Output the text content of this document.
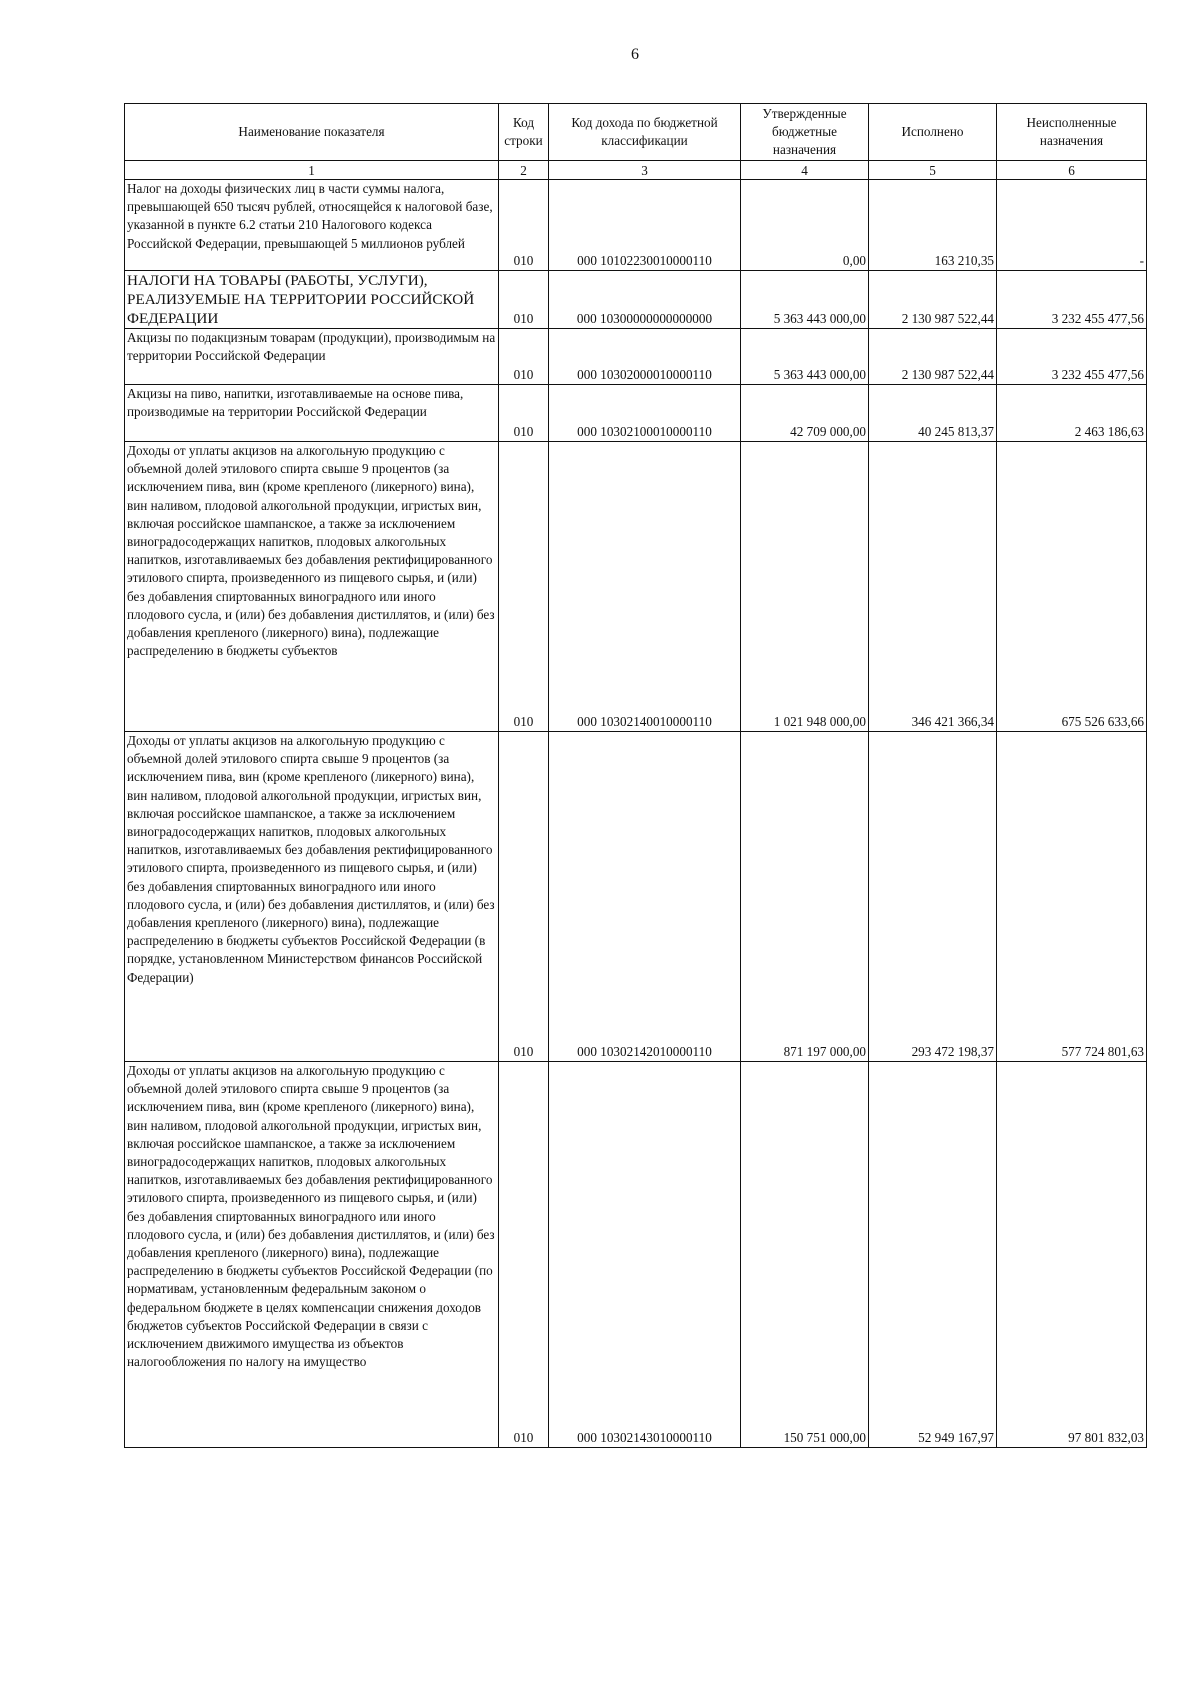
6
Наименование показателя	Код строки	Код дохода по бюджетной классификации	Утвержденные бюджетные назначения	Исполнено	Неисполненные назначения
1	2	3	4	5	6
Налог на доходы физических лиц в части суммы налога, превышающей 650 тысяч рублей, относящейся к налоговой базе, указанной в пункте 6.2 статьи 210 Налогового кодекса Российской Федерации, превышающей 5 миллионов рублей	010	000 10102230010000110	0,00	163 210,35	-
НАЛОГИ НА ТОВАРЫ (РАБОТЫ, УСЛУГИ), РЕАЛИЗУЕМЫЕ НА ТЕРРИТОРИИ РОССИЙСКОЙ ФЕДЕРАЦИИ	010	000 10300000000000000	5 363 443 000,00	2 130 987 522,44	3 232 455 477,56
Акцизы по подакцизным товарам (продукции), производимым на территории Российской Федерации	010	000 10302000010000110	5 363 443 000,00	2 130 987 522,44	3 232 455 477,56
Акцизы на пиво, напитки, изготавливаемые на основе пива, производимые на территории Российской Федерации	010	000 10302100010000110	42 709 000,00	40 245 813,37	2 463 186,63
Доходы от уплаты акцизов на алкогольную продукцию с объемной долей этилового спирта свыше 9 процентов (за исключением пива, вин (кроме крепленого (ликерного) вина), вин наливом, плодовой алкогольной продукции, игристых вин, включая российское шампанское, а также за исключением виноградосодержащих напитков, плодовых алкогольных напитков, изготавливаемых без добавления ректифицированного этилового спирта, произведенного из пищевого сырья, и (или) без добавления спиртованных виноградного или иного плодового сусла, и (или) без добавления дистиллятов, и (или) без добавления крепленого (ликерного) вина), подлежащие распределению в бюджеты субъектов	010	000 10302140010000110	1 021 948 000,00	346 421 366,34	675 526 633,66
Доходы от уплаты акцизов на алкогольную продукцию с объемной долей этилового спирта свыше 9 процентов (за исключением пива, вин (кроме крепленого (ликерного) вина), вин наливом, плодовой алкогольной продукции, игристых вин, включая российское шампанское, а также за исключением виноградосодержащих напитков, плодовых алкогольных напитков, изготавливаемых без добавления ректифицированного этилового спирта, произведенного из пищевого сырья, и (или) без добавления спиртованных виноградного или иного плодового сусла, и (или) без добавления дистиллятов, и (или) без добавления крепленого (ликерного) вина), подлежащие распределению в бюджеты субъектов Российской Федерации (в порядке, установленном Министерством финансов Российской Федерации)	010	000 10302142010000110	871 197 000,00	293 472 198,37	577 724 801,63
Доходы от уплаты акцизов на алкогольную продукцию с объемной долей этилового спирта свыше 9 процентов (за исключением пива, вин (кроме крепленого (ликерного) вина), вин наливом, плодовой алкогольной продукции, игристых вин, включая российское шампанское, а также за исключением виноградосодержащих напитков, плодовых алкогольных напитков, изготавливаемых без добавления ректифицированного этилового спирта, произведенного из пищевого сырья, и (или) без добавления спиртованных виноградного или иного плодового сусла, и (или) без добавления дистиллятов, и (или) без добавления крепленого (ликерного) вина), подлежащие распределению в бюджеты субъектов Российской Федерации (по нормативам, установленным федеральным законом о федеральном бюджете в целях компенсации снижения доходов бюджетов субъектов Российской Федерации в связи с исключением движимого имущества из объектов налогообложения по налогу на имущество	010	000 10302143010000110	150 751 000,00	52 949 167,97	97 801 832,03
